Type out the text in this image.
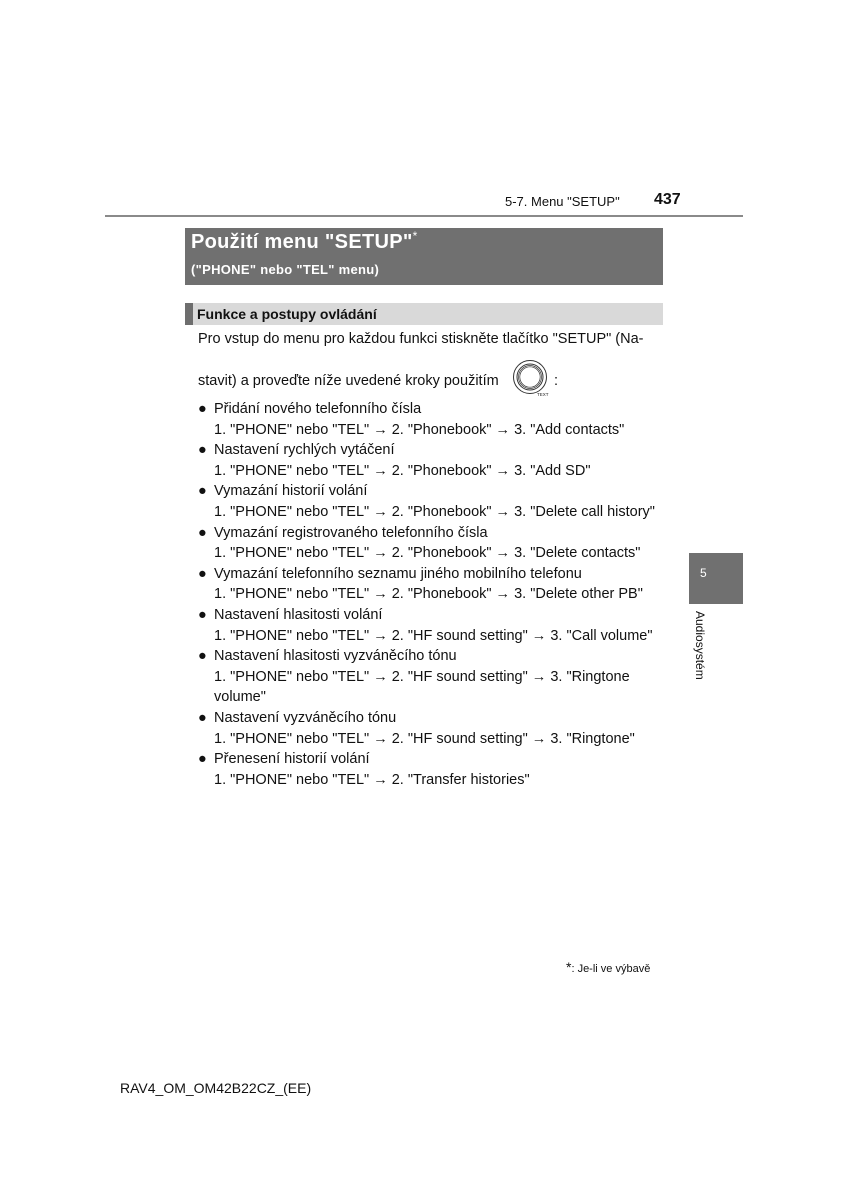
5-7. Menu "SETUP" 437
Použití menu "SETUP"*
("PHONE" nebo "TEL" menu)
Funkce a postupy ovládání
Pro vstup do menu pro každou funkci stiskněte tlačítko "SETUP" (Na-
stavit) a proveďte níže uvedené kroky použitím
TEXT
:
● Přidání nového telefonního čísla
1. "PHONE" nebo "TEL" → 2. "Phonebook" → 3. "Add contacts"
● Nastavení rychlých vytáčení
1. "PHONE" nebo "TEL" → 2. "Phonebook" → 3. "Add SD"
● Vymazání historií volání
1. "PHONE" nebo "TEL" → 2. "Phonebook" → 3. "Delete call history"
● Vymazání registrovaného telefonního čísla
1. "PHONE" nebo "TEL" → 2. "Phonebook" → 3. "Delete contacts"
● Vymazání telefonního seznamu jiného mobilního telefonu
1. "PHONE" nebo "TEL" → 2. "Phonebook" → 3. "Delete other PB"
● Nastavení hlasitosti volání
1. "PHONE" nebo "TEL" → 2. "HF sound setting" → 3. "Call volume"
● Nastavení hlasitosti vyzváněcího tónu
1. "PHONE" nebo "TEL" → 2. "HF sound setting" → 3. "Ringtone
volume"
● Nastavení vyzváněcího tónu
1. "PHONE" nebo "TEL" → 2. "HF sound setting" → 3. "Ringtone"
● Přenesení historií volání
1. "PHONE" nebo "TEL" → 2. "Transfer histories"
5
Audiosystém
*: Je-li ve výbavě
RAV4_OM_OM42B22CZ_(EE)
